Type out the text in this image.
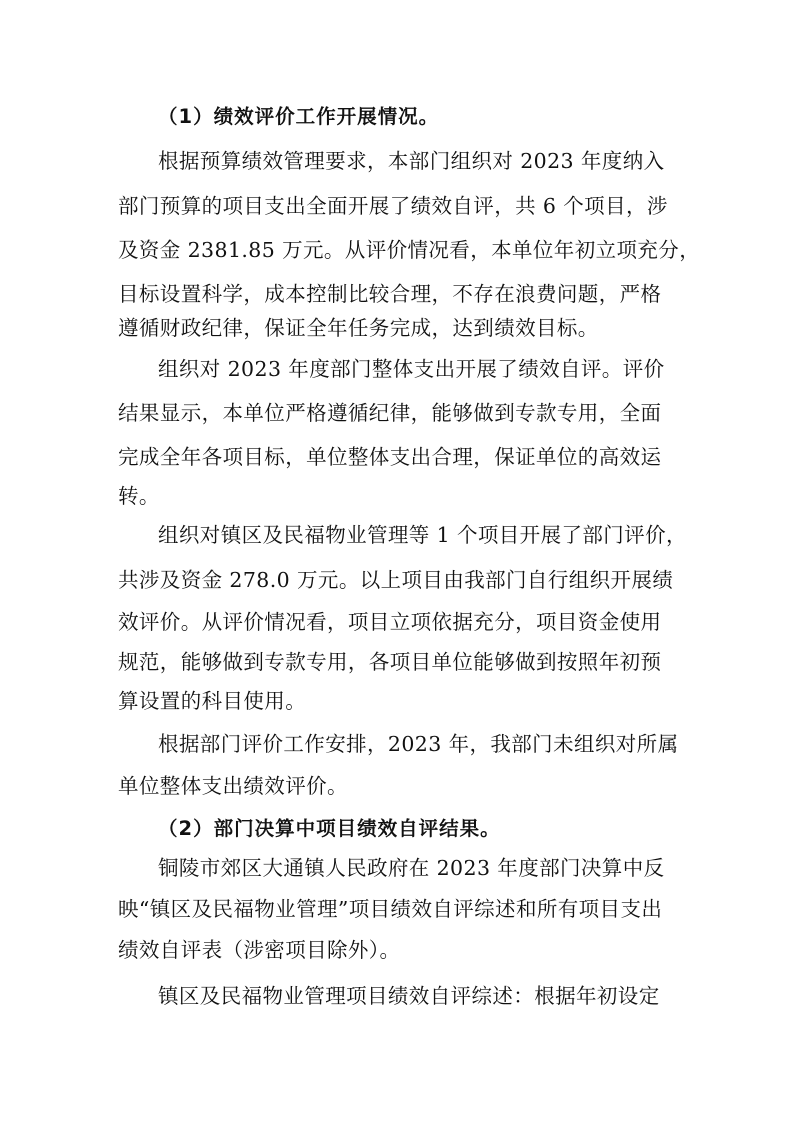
（1）绩效评价工作开展情况。
根据预算绩效管理要求，本部门组织对 2023 年度纳入
部门预算的项目支出全面开展了绩效自评，共 6 个项目，涉
及资金 2381.85 万元。从评价情况看，本单位年初立项充分，
目标设置科学，成本控制比较合理，不存在浪费问题，严格
遵循财政纪律，保证全年任务完成，达到绩效目标。
组织对 2023 年度部门整体支出开展了绩效自评。评价
结果显示，本单位严格遵循纪律，能够做到专款专用，全面
完成全年各项目标，单位整体支出合理，保证单位的高效运
转。
组织对镇区及民福物业管理等 1 个项目开展了部门评价，
共涉及资金 278.0 万元。以上项目由我部门自行组织开展绩
效评价。从评价情况看，项目立项依据充分，项目资金使用
规范，能够做到专款专用，各项目单位能够做到按照年初预
算设置的科目使用。
根据部门评价工作安排，2023 年，我部门未组织对所属
单位整体支出绩效评价。
（2）部门决算中项目绩效自评结果。
铜陵市郊区大通镇人民政府在 2023 年度部门决算中反
映“镇区及民福物业管理”项目绩效自评综述和所有项目支出
绩效自评表（涉密项目除外）。
镇区及民福物业管理项目绩效自评综述：根据年初设定
